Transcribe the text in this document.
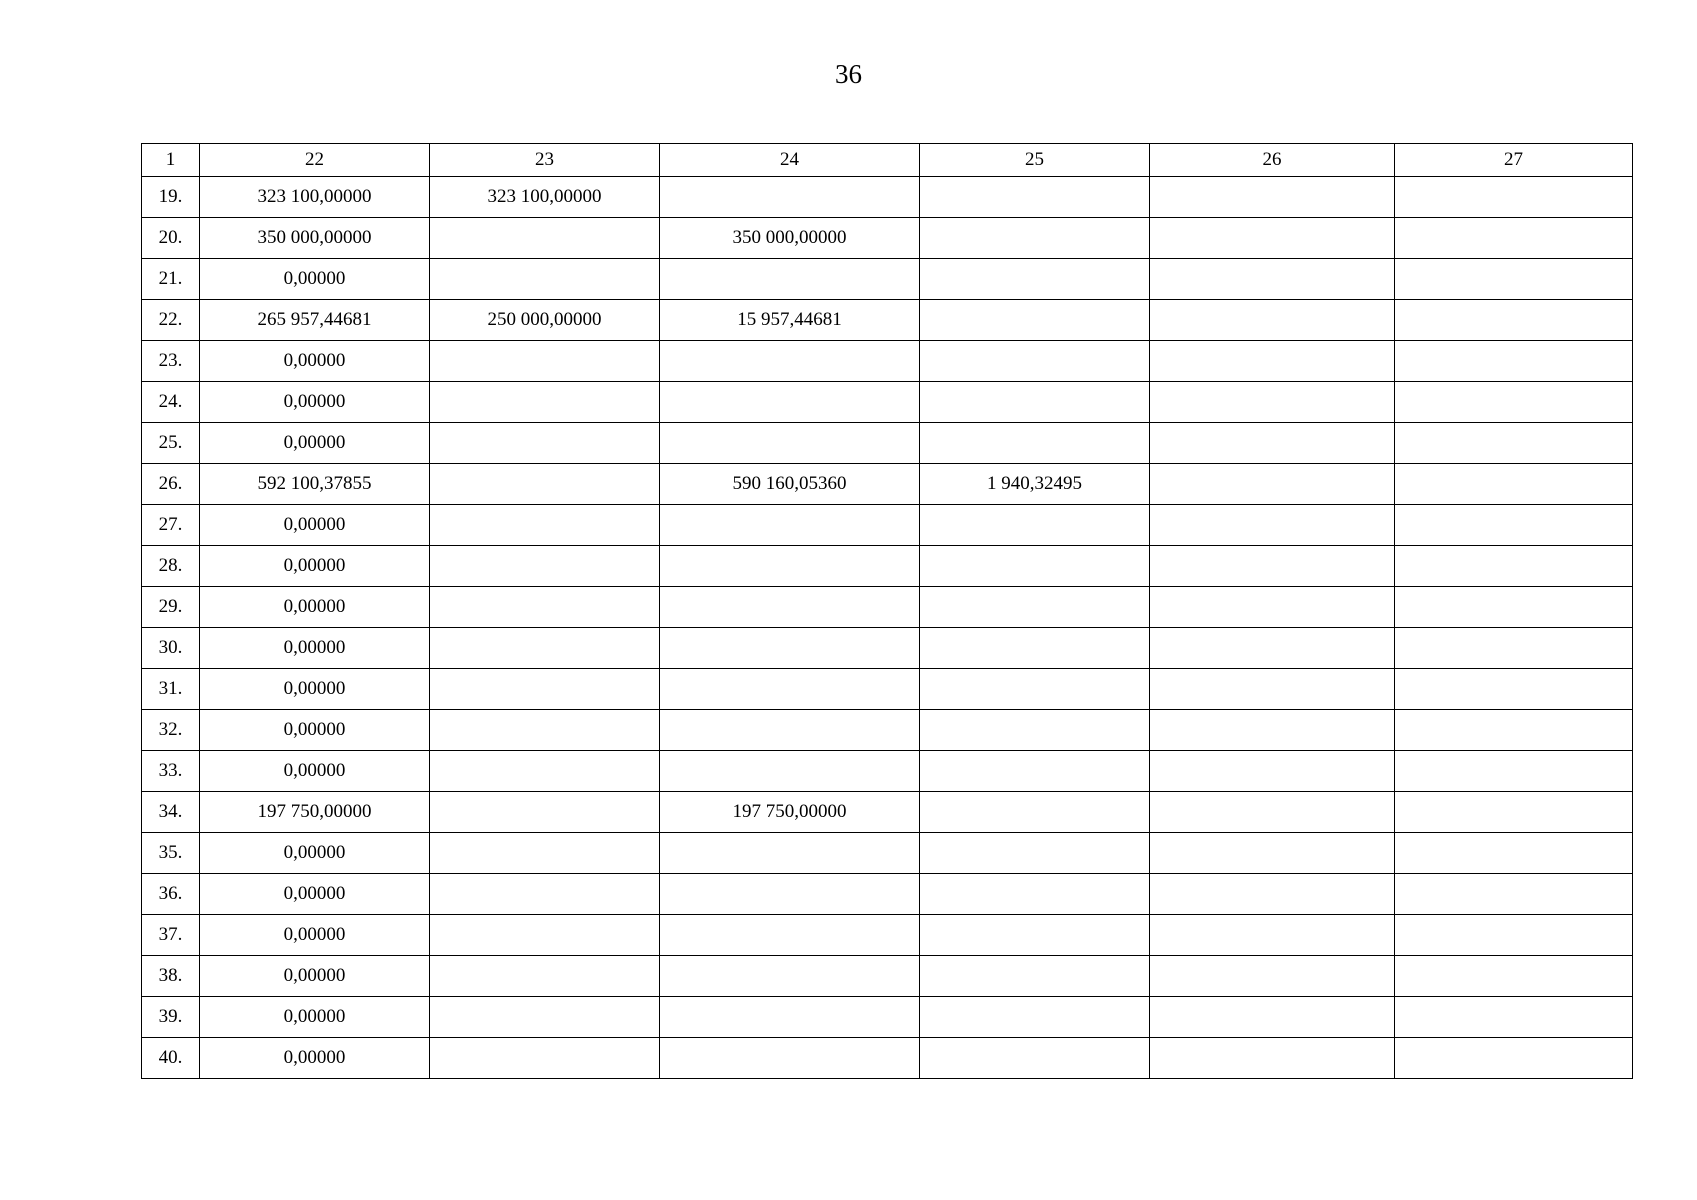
36
1	22	23	24	25	26	27
19.	323 100,00000	323 100,00000				
20.	350 000,00000		350 000,00000			
21.	0,00000					
22.	265 957,44681	250 000,00000	15 957,44681			
23.	0,00000					
24.	0,00000					
25.	0,00000					
26.	592 100,37855		590 160,05360	1 940,32495		
27.	0,00000					
28.	0,00000					
29.	0,00000					
30.	0,00000					
31.	0,00000					
32.	0,00000					
33.	0,00000					
34.	197 750,00000		197 750,00000			
35.	0,00000					
36.	0,00000					
37.	0,00000					
38.	0,00000					
39.	0,00000					
40.	0,00000					
